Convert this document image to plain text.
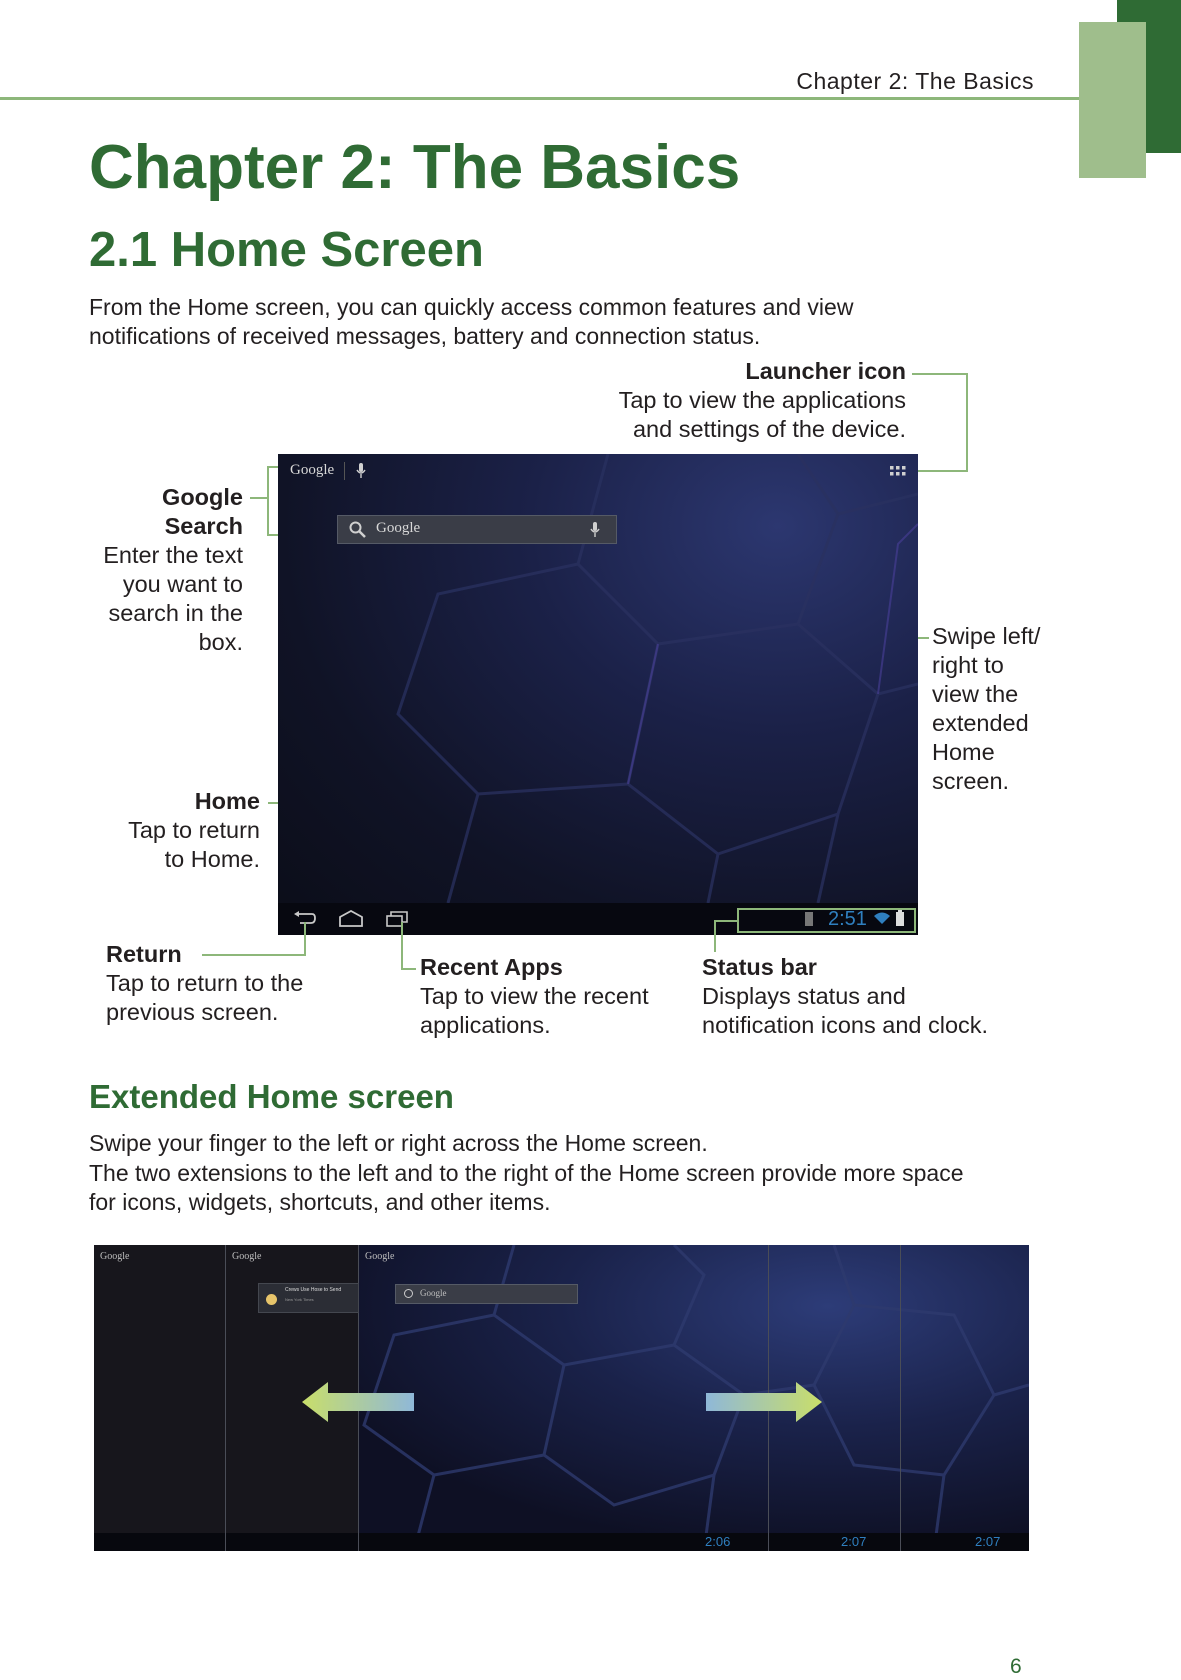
Chapter 2: The Basics
Chapter 2: The Basics
2.1 Home Screen
From the Home screen, you can quickly access common features and view
notifications of received messages, battery and connection status.
Launcher icon
Tap to view the applications
and settings of the device.
Google
Search
Enter the text
you want to
search in the
box.	Swipe left/
right to
view the
extended
Home
screen.
Home
Tap to return
to Home.
Google
Google
2:51
Return
Tap to return to the
previous screen.
Recent Apps
Tap to view the recent
applications.
Status bar
Displays status and
notification icons and clock.
Extended Home screen
Swipe your finger to the left or right across the Home screen.
The two extensions to the left and to the right of the Home screen provide more space
for icons, widgets, shortcuts, and other items.
Google	Google
Crews Use Hose to Send
New York Times
Google
Google
2:06	2:07	2:07
6
